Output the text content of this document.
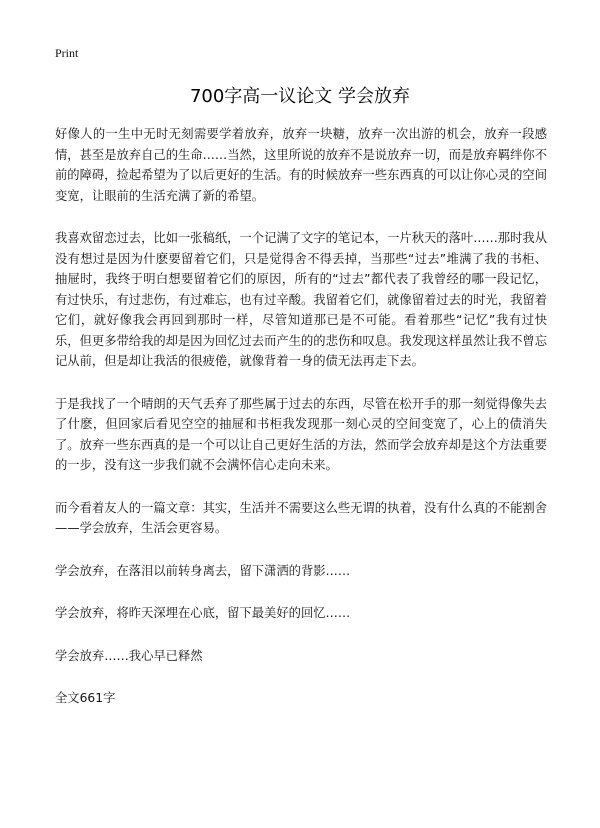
Print
700字高一议论文 学会放弃

好像人的一生中无时无刻需要学着放弃，放弃一块糖，放弃一次出游的机会，放弃一段感情，甚至是放弃自己的生命……当然，这里所说的放弃不是说放弃一切，而是放弃羁绊你不前的障碍，捡起希望为了以后更好的生活。有的时候放弃一些东西真的可以让你心灵的空间变宽，让眼前的生活充满了新的希望。

我喜欢留恋过去，比如一张稿纸，一个记满了文字的笔记本，一片秋天的落叶……那时我从没有想过是因为什麽要留着它们，只是觉得舍不得丢掉，当那些“过去”堆满了我的书柜、抽屉时，我终于明白想要留着它们的原因，所有的“过去”都代表了我曾经的哪一段记忆，有过快乐，有过悲伤，有过难忘，也有过辛酸。我留着它们，就像留着过去的时光，我留着它们，就好像我会再回到那时一样，尽管知道那已是不可能。看着那些“记忆”我有过快乐，但更多带给我的却是因为回忆过去而产生的的悲伤和叹息。我发现这样虽然让我不曾忘记从前，但是却让我活的很疲倦，就像背着一身的债无法再走下去。

于是我找了一个晴朗的天气丢弃了那些属于过去的东西，尽管在松开手的那一刻觉得像失去了什麽，但回家后看见空空的抽屉和书柜我发现那一刻心灵的空间变宽了，心上的债消失了。放弃一些东西真的是一个可以让自己更好生活的方法，然而学会放弃却是这个方法重要的一步，没有这一步我们就不会满怀信心走向未来。

而今看着友人的一篇文章：其实，生活并不需要这么些无谓的执着，没有什么真的不能割舍——学会放弃，生活会更容易。

学会放弃，在落泪以前转身离去，留下潇洒的背影……

学会放弃，将昨天深埋在心底，留下最美好的回忆……

学会放弃……我心早已释然

全文661字
